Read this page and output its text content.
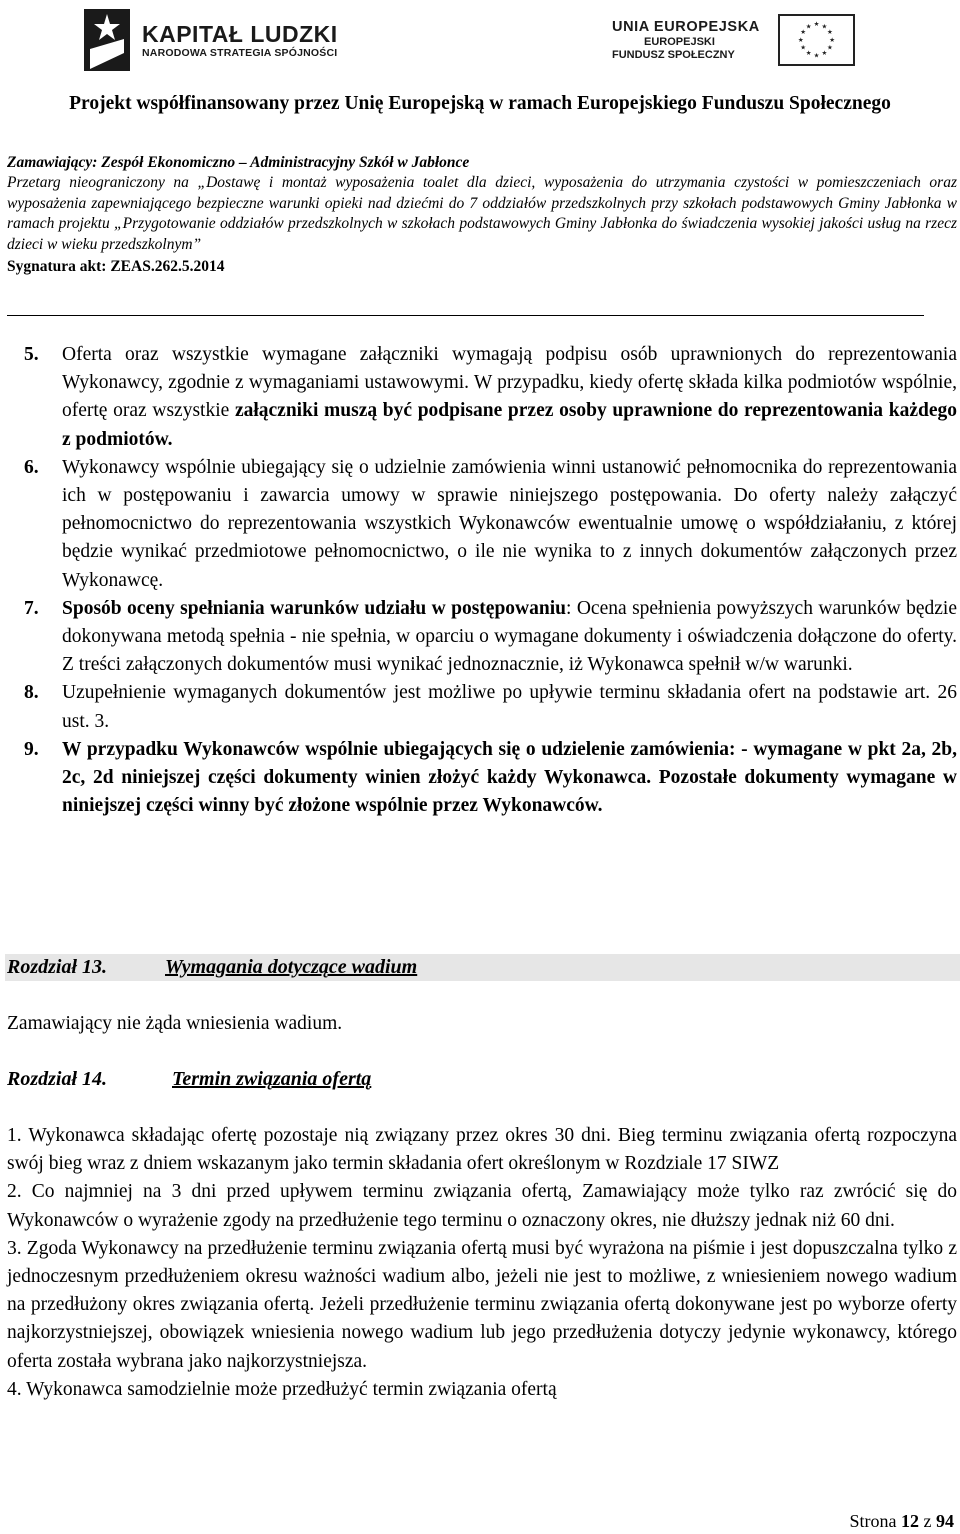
KAPITAŁ LUDZKI
NARODOWA STRATEGIA SPÓJNOŚCI
UNIA EUROPEJSKA
EUROPEJSKI
FUNDUSZ SPOŁECZNY
★ ★
★
★
★
★
★
★
★
★
★
★
Projekt współfinansowany przez Unię Europejską w ramach Europejskiego Funduszu Społecznego
Zamawiający: Zespół Ekonomiczno – Administracyjny Szkół w Jabłonce
Przetarg nieograniczony na „Dostawę i montaż wyposażenia toalet dla dzieci, wyposażenia do utrzymania czystości w pomieszczeniach oraz wyposażenia zapewniającego bezpieczne warunki opieki nad dziećmi do 7 oddziałów przedszkolnych przy szkołach podstawowych Gminy Jabłonka w ramach projektu „Przygotowanie oddziałów przedszkolnych w szkołach podstawowych Gminy Jabłonka do świadczenia wysokiej jakości usług na rzecz dzieci w wieku przedszkolnym”
Sygnatura akt: ZEAS.262.5.2014
5. Oferta oraz wszystkie wymagane załączniki wymagają podpisu osób uprawnionych do reprezentowania Wykonawcy, zgodnie z wymaganiami ustawowymi. W przypadku, kiedy ofertę składa kilka podmiotów wspólnie, ofertę oraz wszystkie załączniki muszą być podpisane przez osoby uprawnione do reprezentowania każdego z podmiotów.
6. Wykonawcy wspólnie ubiegający się o udzielnie zamówienia winni ustanowić pełnomocnika do reprezentowania ich w postępowaniu i zawarcia umowy w sprawie niniejszego postępowania. Do oferty należy załączyć pełnomocnictwo do reprezentowania wszystkich Wykonawców ewentualnie umowę o współdziałaniu, z której będzie wynikać przedmiotowe pełnomocnictwo, o ile nie wynika to z innych dokumentów załączonych przez Wykonawcę.
7. Sposób oceny spełniania warunków udziału w postępowaniu: Ocena spełnienia powyższych warunków będzie dokonywana metodą spełnia - nie spełnia, w oparciu o wymagane dokumenty i oświadczenia dołączone do oferty. Z treści załączonych dokumentów musi wynikać jednoznacznie, iż Wykonawca spełnił w/w warunki.
8. Uzupełnienie wymaganych dokumentów jest możliwe po upływie terminu składania ofert na podstawie art. 26 ust. 3.
9. W przypadku Wykonawców wspólnie ubiegających się o udzielenie zamówienia: - wymagane w pkt 2a, 2b, 2c, 2d niniejszej części dokumenty winien złożyć każdy Wykonawca. Pozostałe dokumenty wymagane w niniejszej części winny być złożone wspólnie przez Wykonawców.
Rozdział 13.	Wymagania dotyczące wadium
Zamawiający nie żąda wniesienia wadium.
Rozdział 14.	Termin związania ofertą
1. Wykonawca składając ofertę pozostaje nią związany przez okres 30 dni. Bieg terminu związania ofertą rozpoczyna swój bieg wraz z dniem wskazanym jako termin składania ofert określonym w Rozdziale 17 SIWZ
2. Co najmniej na 3 dni przed upływem terminu związania ofertą, Zamawiający może tylko raz zwrócić się do Wykonawców o wyrażenie zgody na przedłużenie tego terminu o oznaczony okres, nie dłuższy jednak niż 60 dni.
3. Zgoda Wykonawcy na przedłużenie terminu związania ofertą musi być wyrażona na piśmie i jest dopuszczalna tylko z jednoczesnym przedłużeniem okresu ważności wadium albo, jeżeli nie jest to możliwe, z wniesieniem nowego wadium na przedłużony okres związania ofertą. Jeżeli przedłużenie terminu związania ofertą dokonywane jest po wyborze oferty najkorzystniejszej, obowiązek wniesienia nowego wadium lub jego przedłużenia dotyczy jedynie wykonawcy, którego oferta została wybrana jako najkorzystniejsza.
4. Wykonawca samodzielnie może przedłużyć termin związania ofertą
Strona 12 z 94
